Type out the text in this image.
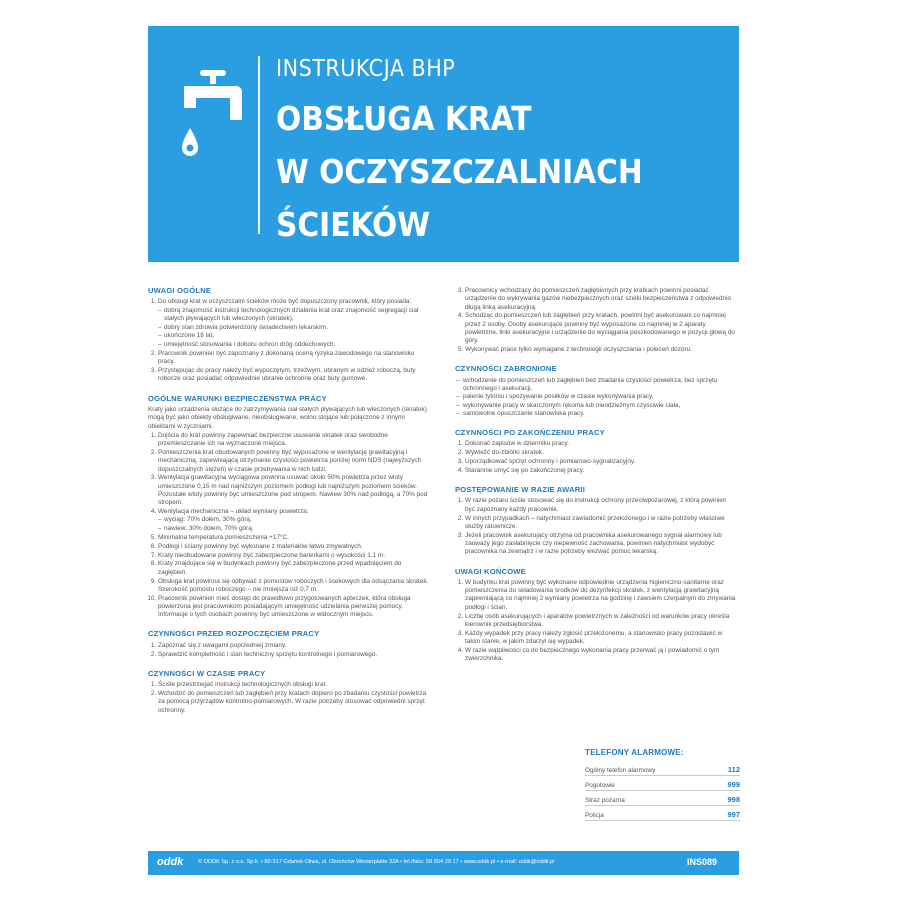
INSTRUKCJA BHP
OBSŁUGA KRAT
W OCZYSZCZALNIACH
ŚCIEKÓW
UWAGI OGÓLNE
1. Do obsługi krat w oczyszczalni ścieków może być dopuszczony pracownik, który posiada:
– dobrą znajomość instrukcji technologicznych działania krat oraz znajomość segregacji ciał stałych pływających lub wleczonych (skratek),
– dobry stan zdrowia potwierdzony świadectwem lekarskim,
– ukończone 18 lat,
– umiejętność stosowania i doboru ochron dróg oddechowych.
2. Pracownik powinien być zapoznany z dokonaną oceną ryzyka zawodowego na stanowisku pracy.
3. Przystępując do pracy należy być wypoczętym, trzeźwym, ubranym w odzież roboczą, buty robocze oraz posiadać odpowiednie ubranie ochronne oraz buty gumowe.
OGÓLNE WARUNKI BEZPIECZEŃSTWA PRACY

Kraty jako urządzenia służące do zatrzymywania ciał stałych pływających lub wleczonych (skratek) mogą być jako obiekty obsługiwane, nieobsługiwane, wolno stojące lub połączone z innymi obiektami w zyczniami.

1. Dojścia do krat powinny zapewniać bezpieczne usuwanie skratek oraz swobodne przemieszczanie ich na wyznaczone miejsca.
2. Pomieszczenia krat obudowanych powinny być wyposażone w wentylację grawitacyjną i mechaniczną, zapewniającą utrzymanie czystości powietrza poniżej norm NDS (najwyższych dopuszczalnych stężeń) w czasie przebywania w nich ludzi.
3. Wentylacja grawitacyjna wyciągowa powinna usuwać około 50% powietrza przez wloty umieszczone 0,15 m nad najniższym poziomem podłogi lub najniższym poziomem ścieków. Pozostałe wloty powinny być umieszczone pod stropem. Nawiew 30% nad podłogą, a 70% pod stropem.
4. Wentylacja mechaniczna – układ wymiany powietrza:
– wyciąg: 70% dołem, 30% górą,
– nawiew: 30% dołem, 70% górą.
5. Minimalna temperatura pomieszczenia +17°C.
6. Podłogi i ściany powinny być wykonane z materiałów łatwo zmywalnych.
7. Kraty nieobudowane powinny być zabezpieczone barierkami o wysokości 1,1 m.
8. Kraty znajdujące się w budynkach powinny być zabezpieczone przed wpadnięciem do zagłębień.
9. Obsługa krat powinna się odbywać z pomostów roboczych i ścekowych dla odsączania skratek. Szerokość pomostu roboczego – nie mniejsza niż 0,7 m.
10. Pracownik powinien mieć dostęp do prawidłowo przygotowanych apteczek, która obsługa powierzona jest pracownikom posiadającym umiejętność udzielania pierwszej pomocy. Informacje o tych osobach powinny być umieszczone w widocznym miejscu.
CZYNNOŚCI PRZED ROZPOCZĘCIEM PRACY
1. Zapoznać się z uwagami poprzedniej zmiany.
2. Sprawdzić kompletność i stan techniczny sprzętu kontrolnego i pomiarowego.
CZYNNOŚCI W CZASIE PRACY
1. Ściśle przestrzegać instrukcji technologicznych obsługi krat.
2. Wchodzić do pomieszczeń lub zagłębień przy kratach dopiero po zbadaniu czystości powietrza za pomocą przyrządów kontrolno-pomiarowych. W razie potrzeby stosować odpowiedni sprzęt ochronny.
3. Pracownicy wchodzący do pomieszczeń zagłębionych przy kratkach powinni posiadać urządzenie do wykrywania gazów niebezpiecznych oraz szelki bezpieczeństwa z odpowiednio długą linką asekuracyjną.
4. Schodząc do pomieszczeń lub zagłębień przy kratach, powinni być asekurowani co najmniej przez 2 osoby. Osoby asekurujące powinny być wyposażone co najmniej w 2 aparaty powietrzne, linki asekuracyjne i urządzenie do wyciągania poszkodowanego w pozycji głową do góry.
5. Wykonywać prace tylko wymagane z technologii oczyszczania i poleceń dozoru.
CZYNNOŚCI ZABRONIONE
– wchodzenie do pomieszczeń lub zagłębień bez zbadania czystości powietrza, bez sprzętu ochronnego i asekuracji,
– palenie tytoniu i spożywanie posiłków w czasie wykonywania pracy,
– wykonywanie pracy w skarczonym rękoma lub nieodzieżnym czyściwie ciała,
– samowolne opuszczanie stanowiska pracy.
CZYNNOŚCI PO ZAKOŃCZENIU PRACY
1. Dokonać zapisów w dzienniku pracy.
2. Wywieźć do-zbiórki skratek.
3. Uporządkować sprzęt ochronny i pomiarowo-sygnalizacyjny.
4. Starannie umyć się po zakończonej pracy.
POSTĘPOWANIE W RAZIE AWARII
1. W razie pożaru ściśle stosować się do instrukcji ochrony przeciwpożarowej, z którą powinien być zapoznany każdy pracownik.
2. W innych przypadkach – natychmiast zawiadomić przełożonego i w razie potrzeby właściwe służby ratownicze.
3. Jeżeli pracownik asekurujący otrzyma od pracownika asekurowanego sygnał alarmowy lub zauważy jego zasłabnięcie czy niepewność zachowania, powinien natychmiast wydobyć pracownika na zewnątrz i w razie potrzeby wezwać pomoc lekarską.
UWAGI KOŃCOWE
1. W budynku krat powinny być wykonane odpowiednie urządzenia higieniczno-sanitarne oraz pomieszczenia do składowania środków do dezynfekcji skratek, z wentylacją grawitacyjną zapewniającą co najmniej 2 wymiany powietrza na godzinę i zawsiem czerpalnym do zmywania podłogi i ścian.
2. Liczbę osób asekurujących i aparatów powietrznych w zależności od warunków pracy określa kierownik przedsiębiorstwa.
3. Każdy wypadek przy pracy należy zgłosić przełożonemu, a stanowisko pracy pozostawić w takim stanie, w jakim zdarzył się wypadek.
4. W razie wątpliwości co do bezpiecznego wykonania pracy przerwać ją i powiadomić o tym zwierzchnika.
TELEFONY ALARMOWE:
Ogólny telefon alarmowy	112
Pogotowie	999
Straż pożarna	998
Policja	997
oddk	© ODDK Sp. z o.o. Sp.k. • 80-317 Gdańsk-Oliwa, ul. Obrońców Westerplatte 32A • tel./faks: 58 554 29 17 • www.oddk.pl • e-mail: oddk@oddk.pl	INS089
